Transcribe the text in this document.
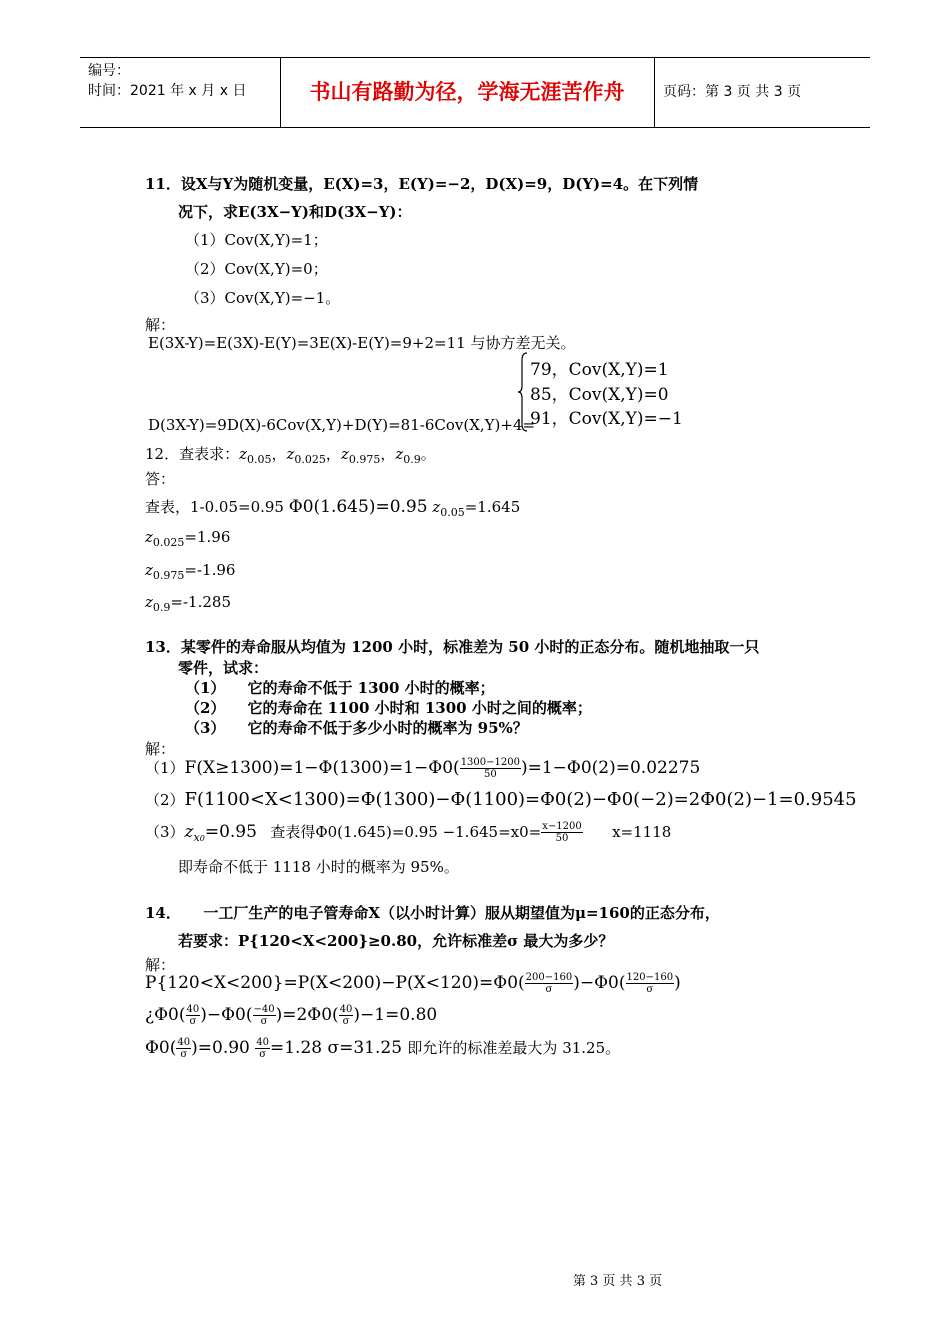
编号：
时间：2021 年 x 月 x 日	书山有路勤为径，学海无涯苦作舟	页码：第 3 页 共 3 页
11．设X与Y为随机变量，E(X)=3，E(Y)=−2，D(X)=9，D(Y)=4。在下列情
况下，求E(3X−Y)和D(3X−Y)：
（1）Cov(X,Y)=1；
（2）Cov(X,Y)=0；
（3）Cov(X,Y)=−1。
解：
E(3X-Y)=E(3X)-E(Y)=3E(X)-E(Y)=9+2=11 与协方差无关。
79，Cov(X,Y)=1
85，Cov(X,Y)=0
91，Cov(X,Y)=−1
D(3X-Y)=9D(X)-6Cov(X,Y)+D(Y)=81-6Cov(X,Y)+4=
12．查表求：$z_{0.05}$，$z_{0.025}$，$z_{0.975}$，$z_{0.9}$。
答：
查表，1-0.05=0.95 Φ0(1.645)=0.95 $z_{0.05}=1.645$
$z_{0.025}=1.96$
$z_{0.975}=-1.96$
$z_{0.9}=-1.285$
13．某零件的寿命服从均值为 1200 小时，标准差为 50 小时的正态分布。随机地抽取一只
零件，试求：
（1） 它的寿命不低于 1300 小时的概率；
（2） 它的寿命在 1100 小时和 1300 小时之间的概率；
（3） 它的寿命不低于多少小时的概率为 95%？
解：
$(1)F(X\ge 1300)=1-\Phi(1300)=1-\Phi 0( \frac{1300-1200}{50} )=1-\Phi 0(2)=0.02275$
（2）F(1100<X<1300)=Φ(1300)−Φ(1100)=Φ0(2)−Φ0(−2)=2Φ0(2)−1=0.9545
$(3)z_{x0}=0.95$ 查表得$\Phi 0(1.645)=0.95 -1.645=x0= \frac{x-1200}{50} x=1118$
即寿命不低于 1118 小时的概率为 95%。
14．　　一工厂生产的电子管寿命X（以小时计算）服从期望值为μ=160的正态分布，
若要求：P{120<X<200}≥0.80，允许标准差σ 最大为多少？
解：
$P\{120<X<200\}=P(X<200)-P(X<120)=\Phi 0( \frac{200-160}{\sigma} )-\Phi 0( \frac{120-160}{\sigma}$ )
¿$\Phi 0( \frac{40}{\sigma} )-\Phi 0( \frac{-40}{\sigma} )=2\Phi 0( \frac{40}{\sigma} )-1=0.80$
$\Phi 0( \frac{40}{\sigma} )=0.90 \frac{40}{\sigma} =1.28$ σ=31.25 即允许的标准差最大为 31.25。
第 3 页 共 3 页
